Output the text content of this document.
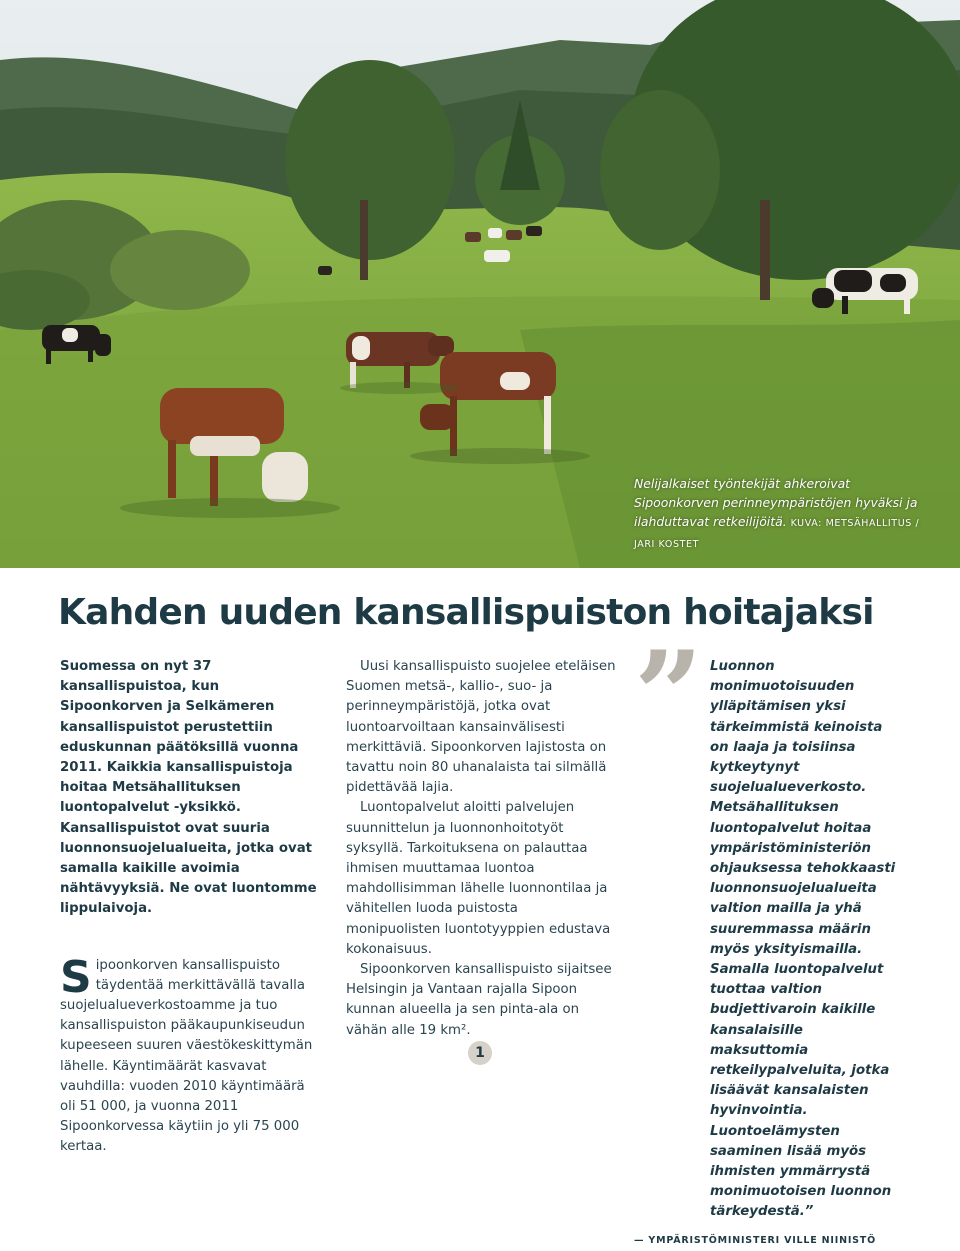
Nelijalkaiset työntekijät ahkeroivat Sipoonkorven perinneympäristöjen hyväksi ja ilahduttavat retkeilijöitä. KUVA: METSÄHALLITUS / JARI KOSTET
Kahden uuden kansallispuiston hoitajaksi

Suomessa on nyt 37 kansallispuistoa, kun Sipoonkorven ja Selkämeren kansallispuistot perustettiin eduskunnan päätöksillä vuonna 2011. Kaikkia kansallispuistoja hoitaa Metsähallituksen luontopalvelut -yksikkö. Kansallispuistot ovat suuria luonnonsuojelualueita, jotka ovat samalla kaikille avoimia nähtävyyksiä. Ne ovat luontomme lippulaivoja.

Sipoonkorven kansallispuisto täydentää merkittävällä tavalla suojelualueverkostoamme ja tuo kansallispuiston pääkaupunkiseudun kupeeseen suuren väestökeskittymän lähelle. Käyntimäärät kasvavat vauhdilla: vuoden 2010 käyntimäärä oli 51 000, ja vuonna 2011 Sipoonkorvessa käytiin jo yli 75 000 kertaa.

Uusi kansallispuisto suojelee eteläisen Suomen metsä-, kallio-, suo- ja perinneympäristöjä, jotka ovat luontoarvoiltaan kansainvälisesti merkittäviä. Sipoonkorven lajistosta on tavattu noin 80 uhanalaista tai silmällä pidettävää lajia.

Luontopalvelut aloitti palvelujen suunnittelun ja luonnonhoitotyöt syksyllä. Tarkoituksena on palauttaa ihmisen muuttamaa luontoa mahdollisimman lähelle luonnontilaa ja vähitellen luoda puistosta monipuolisten luontotyyppien edustava kokonaisuus.

Sipoonkorven kansallispuisto sijaitsee Helsingin ja Vantaan rajalla Sipoon kunnan alueella ja sen pinta-ala on vähän alle 19 km².

” Luonnon monimuotoisuuden ylläpitämisen yksi tärkeimmistä keinoista on laaja ja toisiinsa kytkeytynyt suojelualueverkosto. Metsähallituksen luontopalvelut hoitaa ympäristöministeriön ohjauksessa tehokkaasti luonnonsuojelualueita valtion mailla ja yhä suuremmassa määrin myös yksityismailla. Samalla luontopalvelut tuottaa valtion budjettivaroin kaikille kansalaisille maksuttomia retkeilypalveluita, jotka lisäävät kansalaisten hyvinvointia. Luontoelämysten saaminen lisää myös ihmisten ymmärrystä monimuotoisen luonnon tärkeydestä.”

— YMPÄRISTÖMINISTERI VILLE NIINISTÖ

1
